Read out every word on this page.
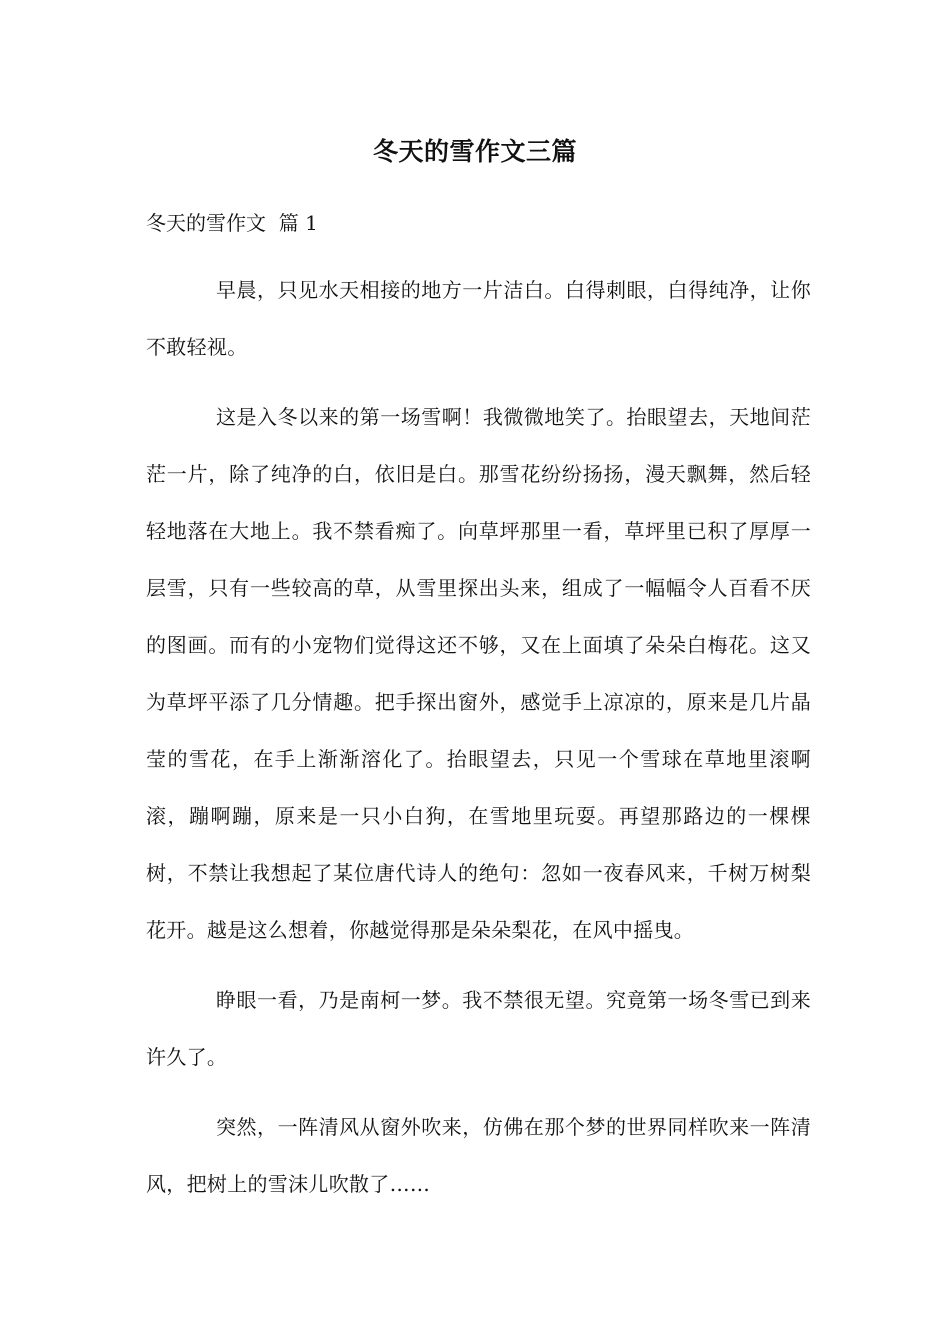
冬天的雪作文三篇
冬天的雪作文  篇 1

早晨，只见水天相接的地方一片洁白。白得刺眼，白得纯净，让你不敢轻视。

这是入冬以来的第一场雪啊！我微微地笑了。抬眼望去，天地间茫茫一片，除了纯净的白，依旧是白。那雪花纷纷扬扬，漫天飘舞，然后轻轻地落在大地上。我不禁看痴了。向草坪那里一看，草坪里已积了厚厚一层雪，只有一些较高的草，从雪里探出头来，组成了一幅幅令人百看不厌的图画。而有的小宠物们觉得这还不够，又在上面填了朵朵白梅花。这又为草坪平添了几分情趣。把手探出窗外，感觉手上凉凉的，原来是几片晶莹的雪花，在手上渐渐溶化了。抬眼望去，只见一个雪球在草地里滚啊滚，蹦啊蹦，原来是一只小白狗，在雪地里玩耍。再望那路边的一棵棵树，不禁让我想起了某位唐代诗人的绝句：忽如一夜春风来，千树万树梨花开。越是这么想着，你越觉得那是朵朵梨花，在风中摇曳。

睁眼一看，乃是南柯一梦。我不禁很无望。究竟第一场冬雪已到来许久了。

突然，一阵清风从窗外吹来，仿佛在那个梦的世界同样吹来一阵清风，把树上的雪沫儿吹散了……
